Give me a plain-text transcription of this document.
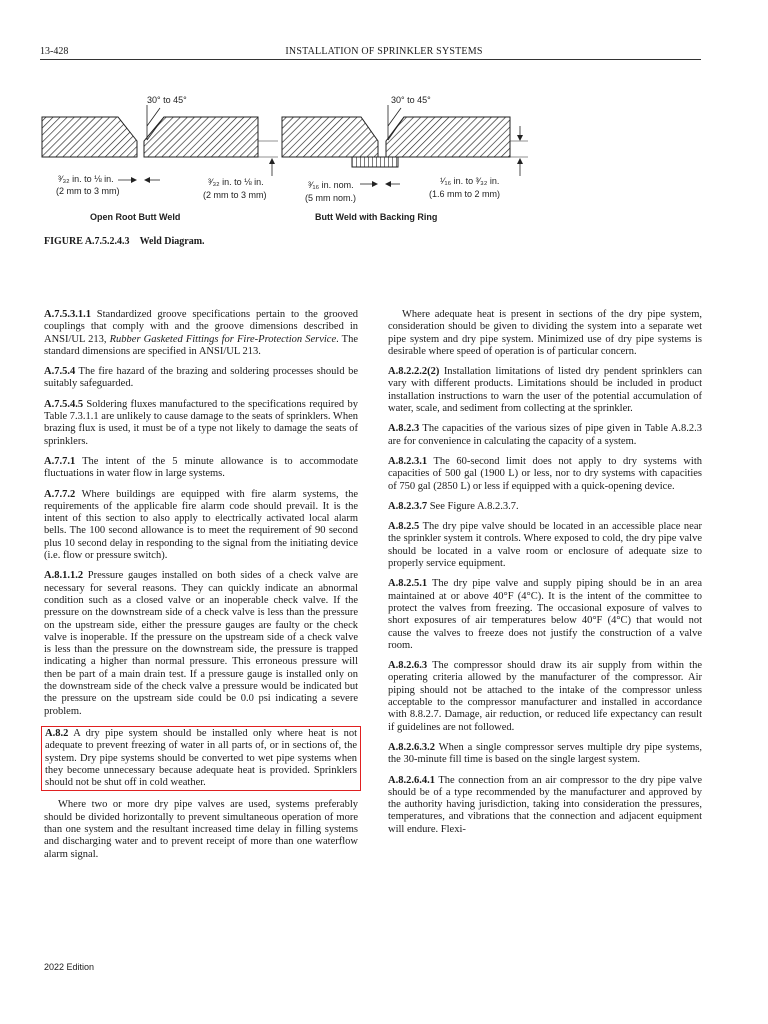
13-428	INSTALLATION OF SPRINKLER SYSTEMS
30° to 45°	30° to 45°
³⁄₃₂ in. to ⅛ in.
(2 mm to 3 mm)
³⁄₃₂ in. to ⅛ in.
(2 mm to 3 mm)
³⁄₁₆ in. nom.
(5 mm nom.)
¹⁄₁₆ in. to ³⁄₃₂ in.
(1.6 mm to 2 mm)
Open Root Butt Weld	Butt Weld with Backing Ring
FIGURE A.7.5.2.4.3 Weld Diagram.

A.7.5.3.1.1 Standardized groove specifications pertain to the grooved couplings that comply with and the groove dimensions described in ANSI/UL 213, Rubber Gasketed Fittings for Fire-Protection Service. The standard dimensions are specified in ANSI/UL 213.

A.7.5.4 The fire hazard of the brazing and soldering processes should be suitably safeguarded.

A.7.5.4.5 Soldering fluxes manufactured to the specifications required by Table 7.3.1.1 are unlikely to cause damage to the seats of sprinklers. When brazing flux is used, it must be of a type not likely to damage the seats of sprinklers.

A.7.7.1 The intent of the 5 minute allowance is to accommodate fluctuations in water flow in large systems.

A.7.7.2 Where buildings are equipped with fire alarm systems, the requirements of the applicable fire alarm code should prevail. It is the intent of this section to also apply to electrically activated local alarm bells. The 100 second allowance is to meet the requirement of 90 second plus 10 second delay in responding to the signal from the initiating device (i.e. flow or pressure switch).

A.8.1.1.2 Pressure gauges installed on both sides of a check valve are necessary for several reasons. They can quickly indicate an abnormal condition such as a closed valve or an inoperable check valve. If the pressure on the downstream side of a check valve is less than the pressure on the upstream side, either the pressure gauges are faulty or the check valve is inoperable. If the pressure on the upstream side of a check valve is less than the pressure on the downstream side, the pressure is trapped indicating a higher than normal pressure. This erroneous pressure will then be part of a main drain test. If a pressure gauge is installed only on the downstream side of the check valve a pressure would be indicated but the pressure on the upstream side could be 0.0 psi indicating a severe problem.

A.8.2 A dry pipe system should be installed only where heat is not adequate to prevent freezing of water in all parts of, or in sections of, the system. Dry pipe systems should be converted to wet pipe systems when they become unnecessary because adequate heat is provided. Sprinklers should not be shut off in cold weather.

Where two or more dry pipe valves are used, systems preferably should be divided horizontally to prevent simultaneous operation of more than one system and the resultant increased time delay in filling systems and discharging water and to prevent receipt of more than one waterflow alarm signal.

Where adequate heat is present in sections of the dry pipe system, consideration should be given to dividing the system into a separate wet pipe system and dry pipe system. Minimized use of dry pipe systems is desirable where speed of operation is of particular concern.

A.8.2.2.2(2) Installation limitations of listed dry pendent sprinklers can vary with different products. Limitations should be included in product installation instructions to warn the user of the potential accumulation of water, scale, and sediment from collecting at the sprinkler.

A.8.2.3 The capacities of the various sizes of pipe given in Table A.8.2.3 are for convenience in calculating the capacity of a system.

A.8.2.3.1 The 60-second limit does not apply to dry systems with capacities of 500 gal (1900 L) or less, nor to dry systems with capacities of 750 gal (2850 L) or less if equipped with a quick-opening device.

A.8.2.3.7 See Figure A.8.2.3.7.

A.8.2.5 The dry pipe valve should be located in an accessible place near the sprinkler system it controls. Where exposed to cold, the dry pipe valve should be located in a valve room or enclosure of adequate size to properly service equipment.

A.8.2.5.1 The dry pipe valve and supply piping should be in an area maintained at or above 40°F (4°C). It is the intent of the committee to protect the valves from freezing. The occasional exposure of valves to short exposures of air temperatures below 40°F (4°C) that would not cause the valves to freeze does not justify the construction of a valve room.

A.8.2.6.3 The compressor should draw its air supply from within the operating criteria allowed by the manufacturer of the compressor. Air piping should not be attached to the intake of the compressor unless acceptable to the compressor manufacturer and installed in accordance with 8.8.2.7. Damage, air reduction, or reduced life expectancy can result if guidelines are not followed.

A.8.2.6.3.2 When a single compressor serves multiple dry pipe systems, the 30-minute fill time is based on the single largest system.

A.8.2.6.4.1 The connection from an air compressor to the dry pipe valve should be of a type recommended by the manufacturer and approved by the authority having jurisdiction, taking into consideration the pressures, temperatures, and vibrations that the connection and adjacent equipment will endure. Flexi-

2022 Edition
